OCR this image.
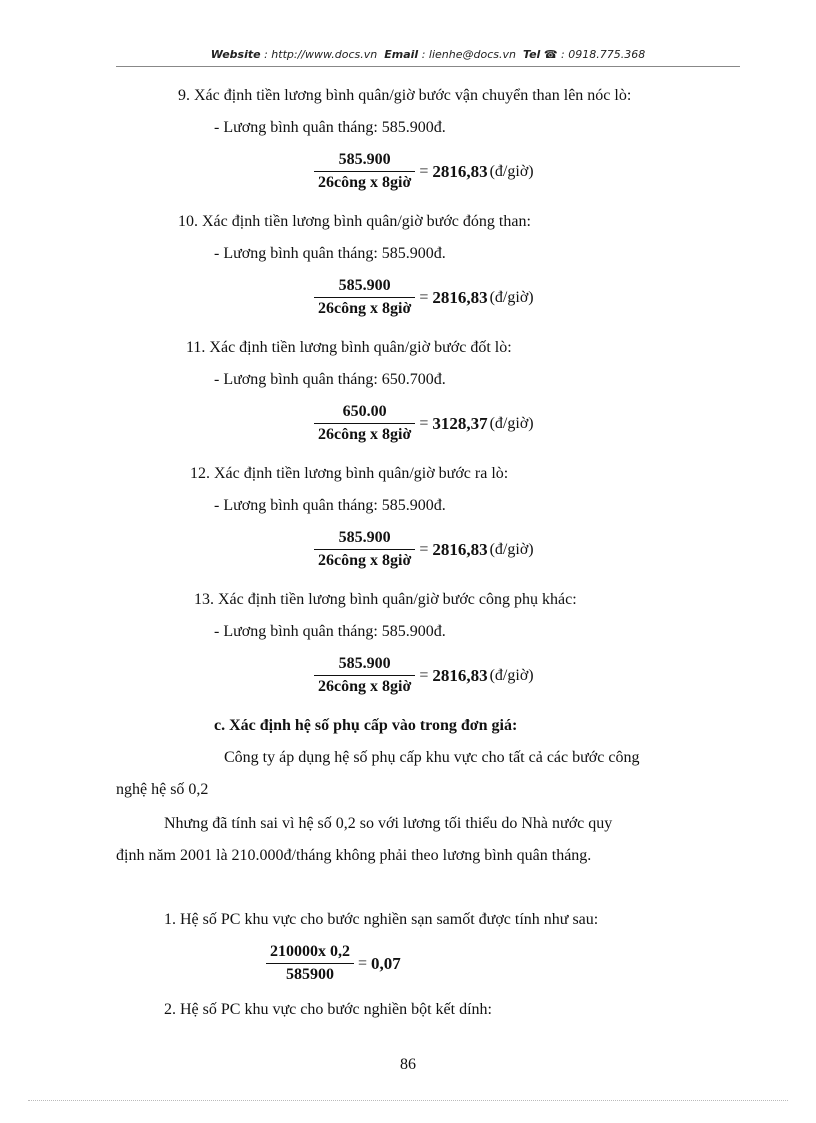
Website : http://www.docs.vn Email : lienhe@docs.vn Tel ☎ : 0918.775.368
9. Xác định tiền lương bình quân/giờ bước vận chuyển than lên nóc lò:
- Lương bình quân tháng: 585.900đ.
$\frac{585.900}{\text{26công x 8giờ}} = 2816,83$ (đ/giờ)
10. Xác định tiền lương bình quân/giờ bước đóng than:
- Lương bình quân tháng: 585.900đ.
$\frac{585.900}{\text{26công x 8giờ}} = 2816,83$ (đ/giờ)
11. Xác định tiền lương bình quân/giờ bước đốt lò:
- Lương bình quân tháng: 650.700đ.
$\frac{650.00}{\text{26công x 8giờ}} = 3128,37$ (đ/giờ)
12. Xác định tiền lương bình quân/giờ bước ra lò:
- Lương bình quân tháng: 585.900đ.
$\frac{585.900}{\text{26công x 8giờ}} = 2816,83$ (đ/giờ)
13. Xác định tiền lương bình quân/giờ bước công phụ khác:
- Lương bình quân tháng: 585.900đ.
$\frac{585.900}{\text{26công x 8giờ}} = 2816,83$ (đ/giờ)
c. Xác định hệ số phụ cấp vào trong đơn giá:
Công ty áp dụng hệ số phụ cấp khu vực cho tất cả các bước công
nghệ hệ số 0,2
Nhưng đã tính sai vì hệ số 0,2 so với lương tối thiểu do Nhà nước quy
định năm 2001 là 210.000đ/tháng không phải theo lương bình quân tháng.
1. Hệ số PC khu vực cho bước nghiền sạn samốt được tính như sau:
$\frac{210000x 0,2}{585900} = 0,07$
2. Hệ số PC khu vực cho bước nghiền bột kết dính:
86
